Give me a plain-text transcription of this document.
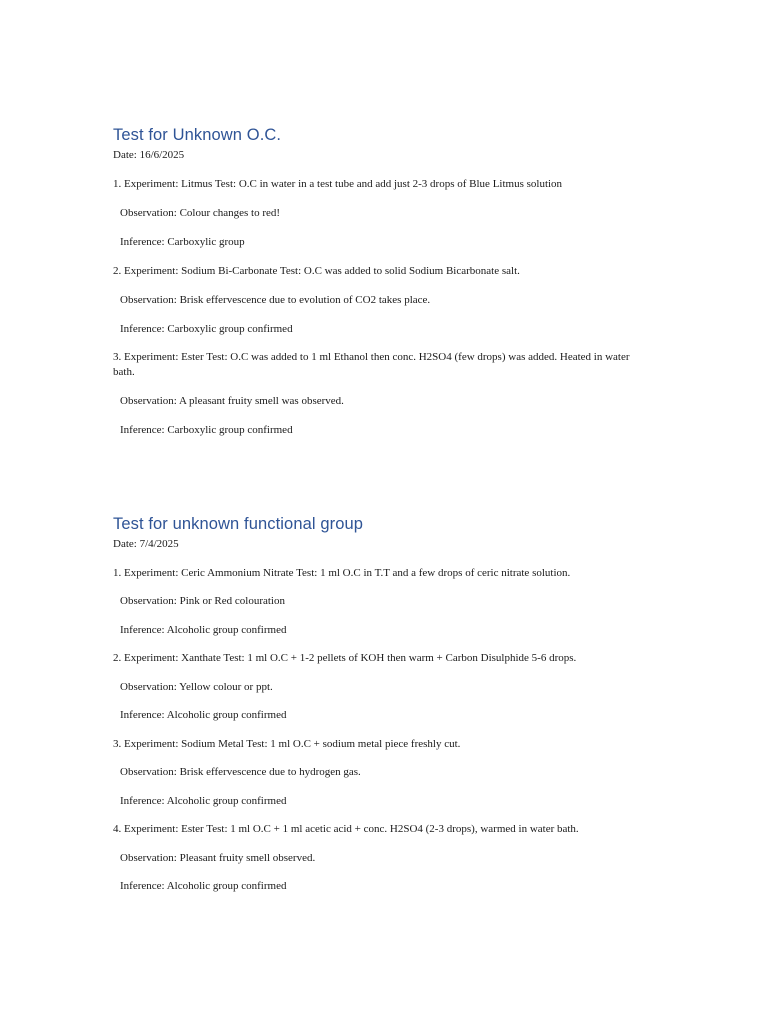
Test for Unknown O.C.

Date: 16/6/2025

1. Experiment: Litmus Test: O.C in water in a test tube and add just 2-3 drops of Blue Litmus solution

Observation: Colour changes to red!

Inference: Carboxylic group

2. Experiment: Sodium Bi-Carbonate Test: O.C was added to solid Sodium Bicarbonate salt.

Observation: Brisk effervescence due to evolution of CO2 takes place.

Inference: Carboxylic group confirmed

3. Experiment: Ester Test: O.C was added to 1 ml Ethanol then conc. H2SO4 (few drops) was added. Heated in water bath.

Observation: A pleasant fruity smell was observed.

Inference: Carboxylic group confirmed

Test for unknown functional group

Date: 7/4/2025

1. Experiment: Ceric Ammonium Nitrate Test: 1 ml O.C in T.T and a few drops of ceric nitrate solution.

Observation: Pink or Red colouration

Inference: Alcoholic group confirmed

2. Experiment: Xanthate Test: 1 ml O.C + 1-2 pellets of KOH then warm + Carbon Disulphide 5-6 drops.

Observation: Yellow colour or ppt.

Inference: Alcoholic group confirmed

3. Experiment: Sodium Metal Test: 1 ml O.C + sodium metal piece freshly cut.

Observation: Brisk effervescence due to hydrogen gas.

Inference: Alcoholic group confirmed

4. Experiment: Ester Test: 1 ml O.C + 1 ml acetic acid + conc. H2SO4 (2-3 drops), warmed in water bath.

Observation: Pleasant fruity smell observed.

Inference: Alcoholic group confirmed
